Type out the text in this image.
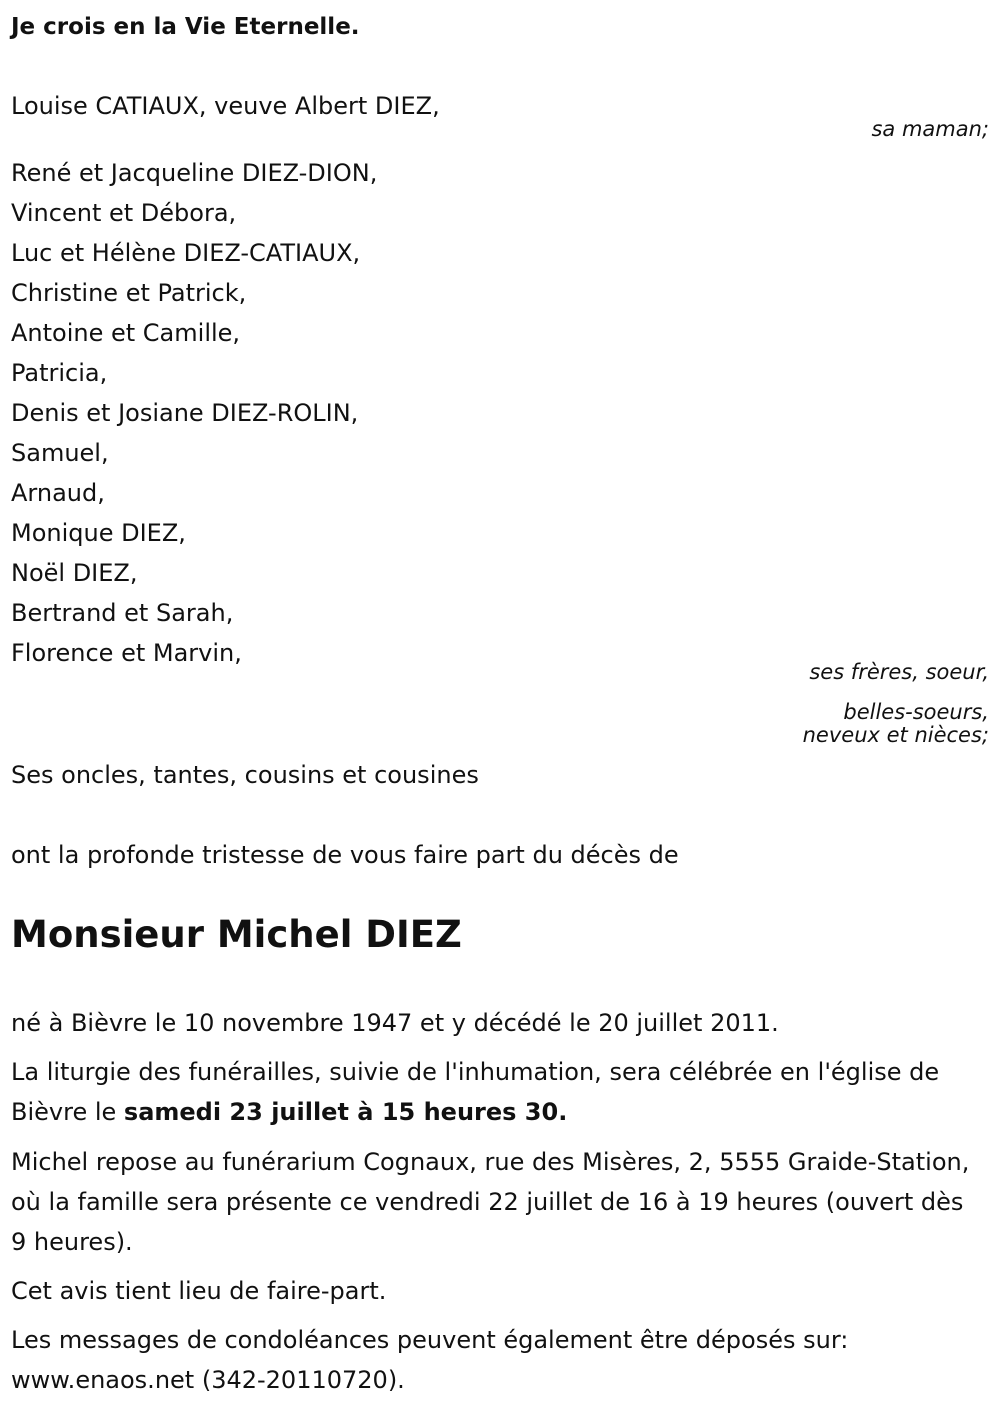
Je crois en la Vie Eternelle.

Louise CATIAUX, veuve Albert DIEZ,
sa maman;
René et Jacqueline DIEZ-DION,
Vincent et Débora,
Luc et Hélène DIEZ-CATIAUX,
Christine et Patrick,
Antoine et Camille,
Patricia,
Denis et Josiane DIEZ-ROLIN,
Samuel,
Arnaud,
Monique DIEZ,
Noël DIEZ,
Bertrand et Sarah,
Florence et Marvin,
ses frères, soeur,
belles-soeurs,
neveux et nièces;
Ses oncles, tantes, cousins et cousines
ont la profonde tristesse de vous faire part du décès de
Monsieur Michel DIEZ

né à Bièvre le 10 novembre 1947 et y décédé le 20 juillet 2011.

La liturgie des funérailles, suivie de l'inhumation, sera célébrée en l'église de Bièvre le samedi 23 juillet à 15 heures 30.

Michel repose au funérarium Cognaux, rue des Misères, 2, 5555 Graide-Station, où la famille sera présente ce vendredi 22 juillet de 16 à 19 heures (ouvert dès 9 heures).

Cet avis tient lieu de faire-part.

Les messages de condoléances peuvent également être déposés sur: www.enaos.net (342-20110720).
